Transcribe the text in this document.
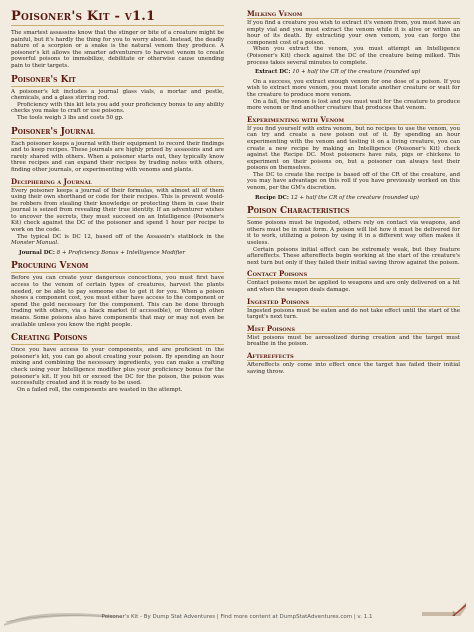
Poisoner's Kit - v1.1

The smartest assassins know that the stinger or bite of a creature might be painful, but it's hardly the thing for you to worry about. Instead, the deadly nature of a scorpion or a snake is the natural venom they produce. A poisoner's kit allows the smarter adventurers to harvest venom to create powerful poisons to immobilize, debilitate or otherwise cause unending pain to their targets.

Poisoner's Kit

A poisoner's kit includes a journal glass vials, a mortar and pestle, chemicals, and a glass stirring rod.

Proficiency with this kit lets you add your proficiency bonus to any ability checks you make to craft or use poisons.

The tools weigh 3 lbs and costs 50 gp.

Poisoner's Journal

Each poisoner keeps a journal with their equipment to record their findings and to keep recipes. These journals are highly prized by assassins and are rarely shared with others. When a poisoner starts out, they typically know three recipes and can expand their recipes by trading notes with others, finding other journals, or experimenting with venoms and plants.

Deciphering a Journal

Every poisoner keeps a journal of their formulas, with almost all of them using their own shorthand or code for their recipes. This is prevent would-be robbers from stealing their knowledge or protecting them in case their journal is seized from revealing their true identity. If an adventurer wishes to uncover the secrets, they must succeed on an Intelligence (Poisoner's Kit) check against the DC of the poisoner and spend 1 hour per recipe to work on the code.

The typical DC is DC 12, based off of the Assassin's statblock in the Monster Manual.

Journal DC: 8 + Proficiency Bonus + Intelligence Modifier
Procuring Venom

Before you can create your dangerous concoctions, you must first have access to the venom of certain types of creatures, harvest the plants needed, or be able to pay someone else to get it for you. When a poison shows a component cost, you must either have access to the component or spend the gold necessary for the component. This can be done through trading with others, via a black market (if accessible), or through other means. Some poisons also have components that may or may not even be available unless you know the right people.

Creating Poisons

Once you have access to your components, and are proficient in the poisoner's kit, you can go about creating your poison. By spending an hour mixing and combining the necessary ingredients, you can make a crafting check using your Intelligence modifier plus your proficiency bonus for the poisoner's kit. If you hit or exceed the DC for the poison, the poison was successfully created and it is ready to be used.

On a failed roll, the components are wasted in the attempt.

Milking Venom

If you find a creature you wish to extract it's venom from, you must have an empty vial and you must extract the venom while it is alive or within an hour of its death. By extracting your own venom, you can forgo the component cost of a poison.

When you extract the venom, you must attempt an Intelligence (Poisoner's Kit) check against the DC of the creature being milked. This process takes several minutes to complete.

Extract DC: 10 + half the CR of the creature (rounded up)

On a success, you extract enough venom for one dose of a poison. If you wish to extract more venom, you must locate another creature or wait for the creature to produce more venom.

On a fail, the venom is lost and you must wait for the creature to produce more venom or find another creature that produces that venom.

Experimenting with Venom

If you find yourself with extra venom, but no recipes to use the venom, you can try and create a new poison out of it. By spending an hour experimenting with the venom and testing it on a living creature, you can create a new recipe by making an Intelligence (Poisoner's Kit) check against the Recipe DC. Most poisoners have rats, pigs or chickens to experiment on their poisons on, but a poisoner can always test their poisons on themselves.

The DC to create the recipe is based off of the CR of the creature, and you may have advantage on this roll if you have previously worked on this venom, per the GM's discretion.

Recipe DC: 12 + half the CR of the creature (rounded up)
Poison Characteristics

Some poisons must be ingested, others rely on contact via weapons, and others must be in mist form. A poison will list how it must be delivered for it to work, utilizing a poison by using it in a different way often makes it useless.

Certain poisons initial effect can be extremely weak, but they feature aftereffects. These aftereffects begin working at the start of the creature's next turn but only if they failed their initial saving throw against the poison.

Contact Poisons

Contact poisons must be applied to weapons and are only delivered on a hit and when the weapon deals damage.

Ingested Poisons

Ingested poisons must be eaten and do not take effect until the start of the target's next turn.

Mist Poisons

Mist poisons must be aerosolized during creation and the target must breathe in the poison.

Aftereffects

Aftereffects only come into effect once the target has failed their initial saving throw.

Poisoner's Kit - By Dump Stat Adventures | Find more content at DumpStatAdventures.com | v. 1.1	1
